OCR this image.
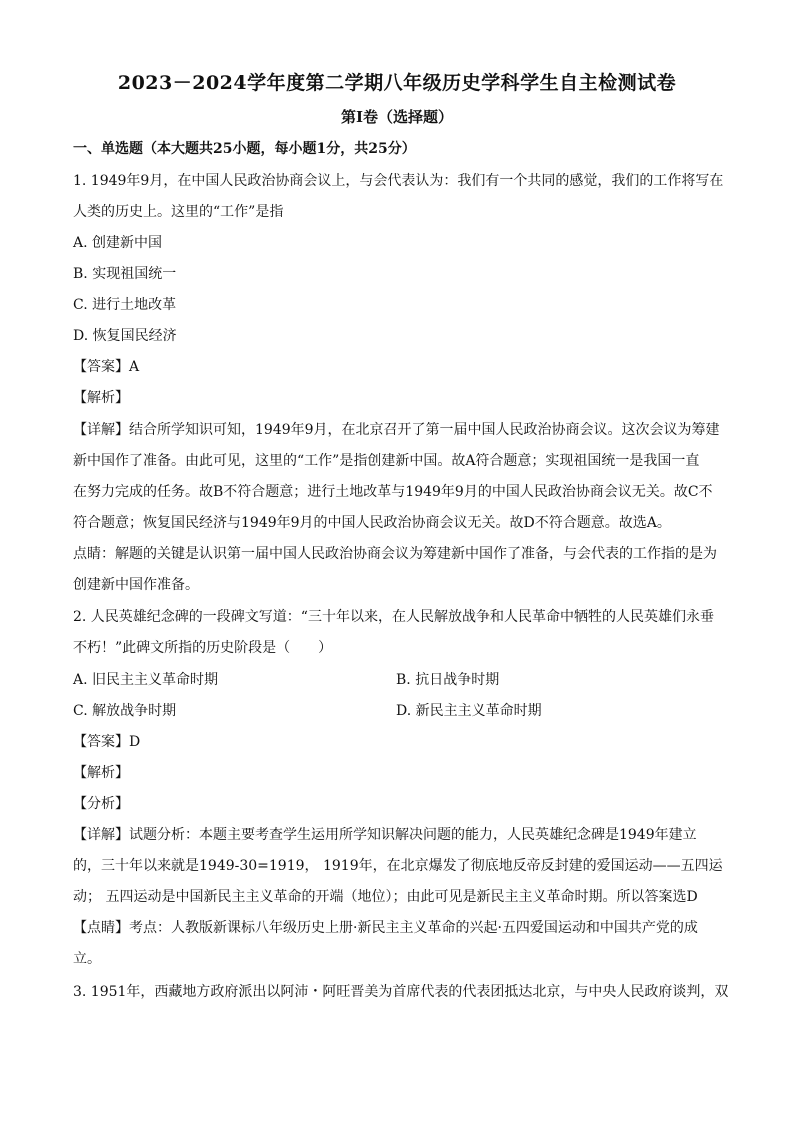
2023－2024学年度第二学期八年级历史学科学生自主检测试卷
第Ⅰ卷（选择题）
一、单选题（本大题共25小题，每小题1分，共25分）
1. 1949年9月，在中国人民政治协商会议上，与会代表认为：我们有一个共同的感觉，我们的工作将写在
人类的历史上。这里的“工作”是指
A. 创建新中国
B. 实现祖国统一
C. 进行土地改革
D. 恢复国民经济
【答案】A
【解析】
【详解】结合所学知识可知，1949年9月，在北京召开了第一届中国人民政治协商会议。这次会议为筹建
新中国作了准备。由此可见，这里的“工作”是指创建新中国。故A符合题意；实现祖国统一是我国一直
在努力完成的任务。故B不符合题意；进行土地改革与1949年9月的中国人民政治协商会议无关。故C不
符合题意；恢复国民经济与1949年9月的中国人民政治协商会议无关。故D不符合题意。故选A。
点睛：解题的关键是认识第一届中国人民政治协商会议为筹建新中国作了准备，与会代表的工作指的是为
创建新中国作准备。
2. 人民英雄纪念碑的一段碑文写道：“三十年以来，在人民解放战争和人民革命中牺牲的人民英雄们永垂
不朽！”此碑文所指的历史阶段是（　　）
A. 旧民主主义革命时期	B. 抗日战争时期
C. 解放战争时期	D. 新民主主义革命时期
【答案】D
【解析】
【分析】
【详解】试题分析：本题主要考查学生运用所学知识解决问题的能力，人民英雄纪念碑是1949年建立
的，三十年以来就是1949-30=1919， 1919年，在北京爆发了彻底地反帝反封建的爱国运动——五四运
动； 五四运动是中国新民主主义革命的开端（地位）；由此可见是新民主主义革命时期。所以答案选D
【点睛】考点：人教版新课标八年级历史上册·新民主主义革命的兴起·五四爱国运动和中国共产党的成
立。
3. 1951年，西藏地方政府派出以阿沛・阿旺晋美为首席代表的代表团抵达北京，与中央人民政府谈判，双
